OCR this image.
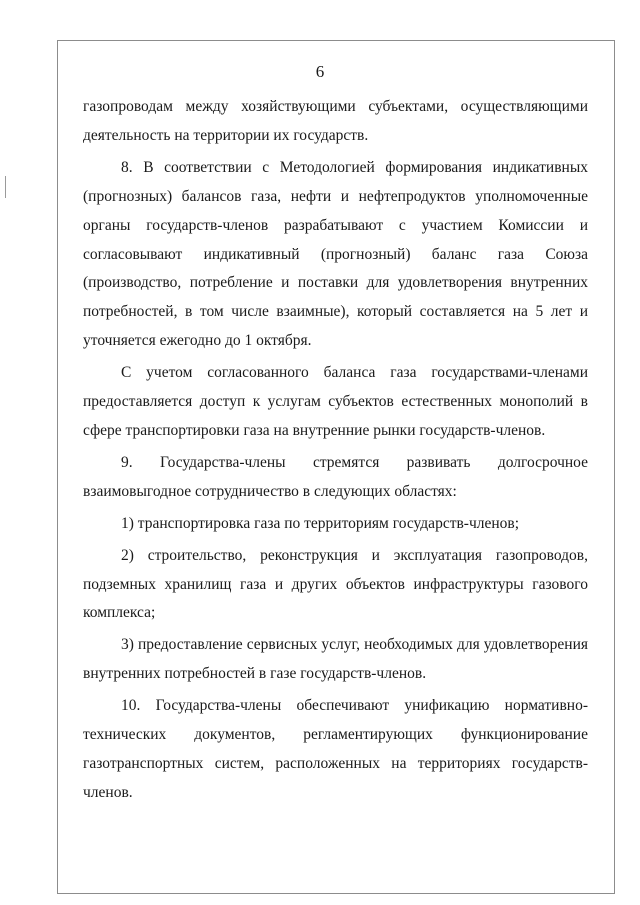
6

газопроводам между хозяйствующими субъектами, осуществляющими деятельность на территории их государств.

8. В соответствии с Методологией формирования индикативных (прогнозных) балансов газа, нефти и нефтепродуктов уполномоченные органы государств-членов разрабатывают с участием Комиссии и согласовывают индикативный (прогнозный) баланс газа Союза (производство, потребление и поставки для удовлетворения внутренних потребностей, в том числе взаимные), который составляется на 5 лет и уточняется ежегодно до 1 октября.

С учетом согласованного баланса газа государствами-членами предоставляется доступ к услугам субъектов естественных монополий в сфере транспортировки газа на внутренние рынки государств-членов.

9. Государства-члены стремятся развивать долгосрочное взаимовыгодное сотрудничество в следующих областях:

1) транспортировка газа по территориям государств-членов;

2) строительство, реконструкция и эксплуатация газопроводов, подземных хранилищ газа и других объектов инфраструктуры газового комплекса;

3) предоставление сервисных услуг, необходимых для удовлетворения внутренних потребностей в газе государств-членов.

10. Государства-члены обеспечивают унификацию нормативно-технических документов, регламентирующих функционирование газотранспортных систем, расположенных на территориях государств-членов.
